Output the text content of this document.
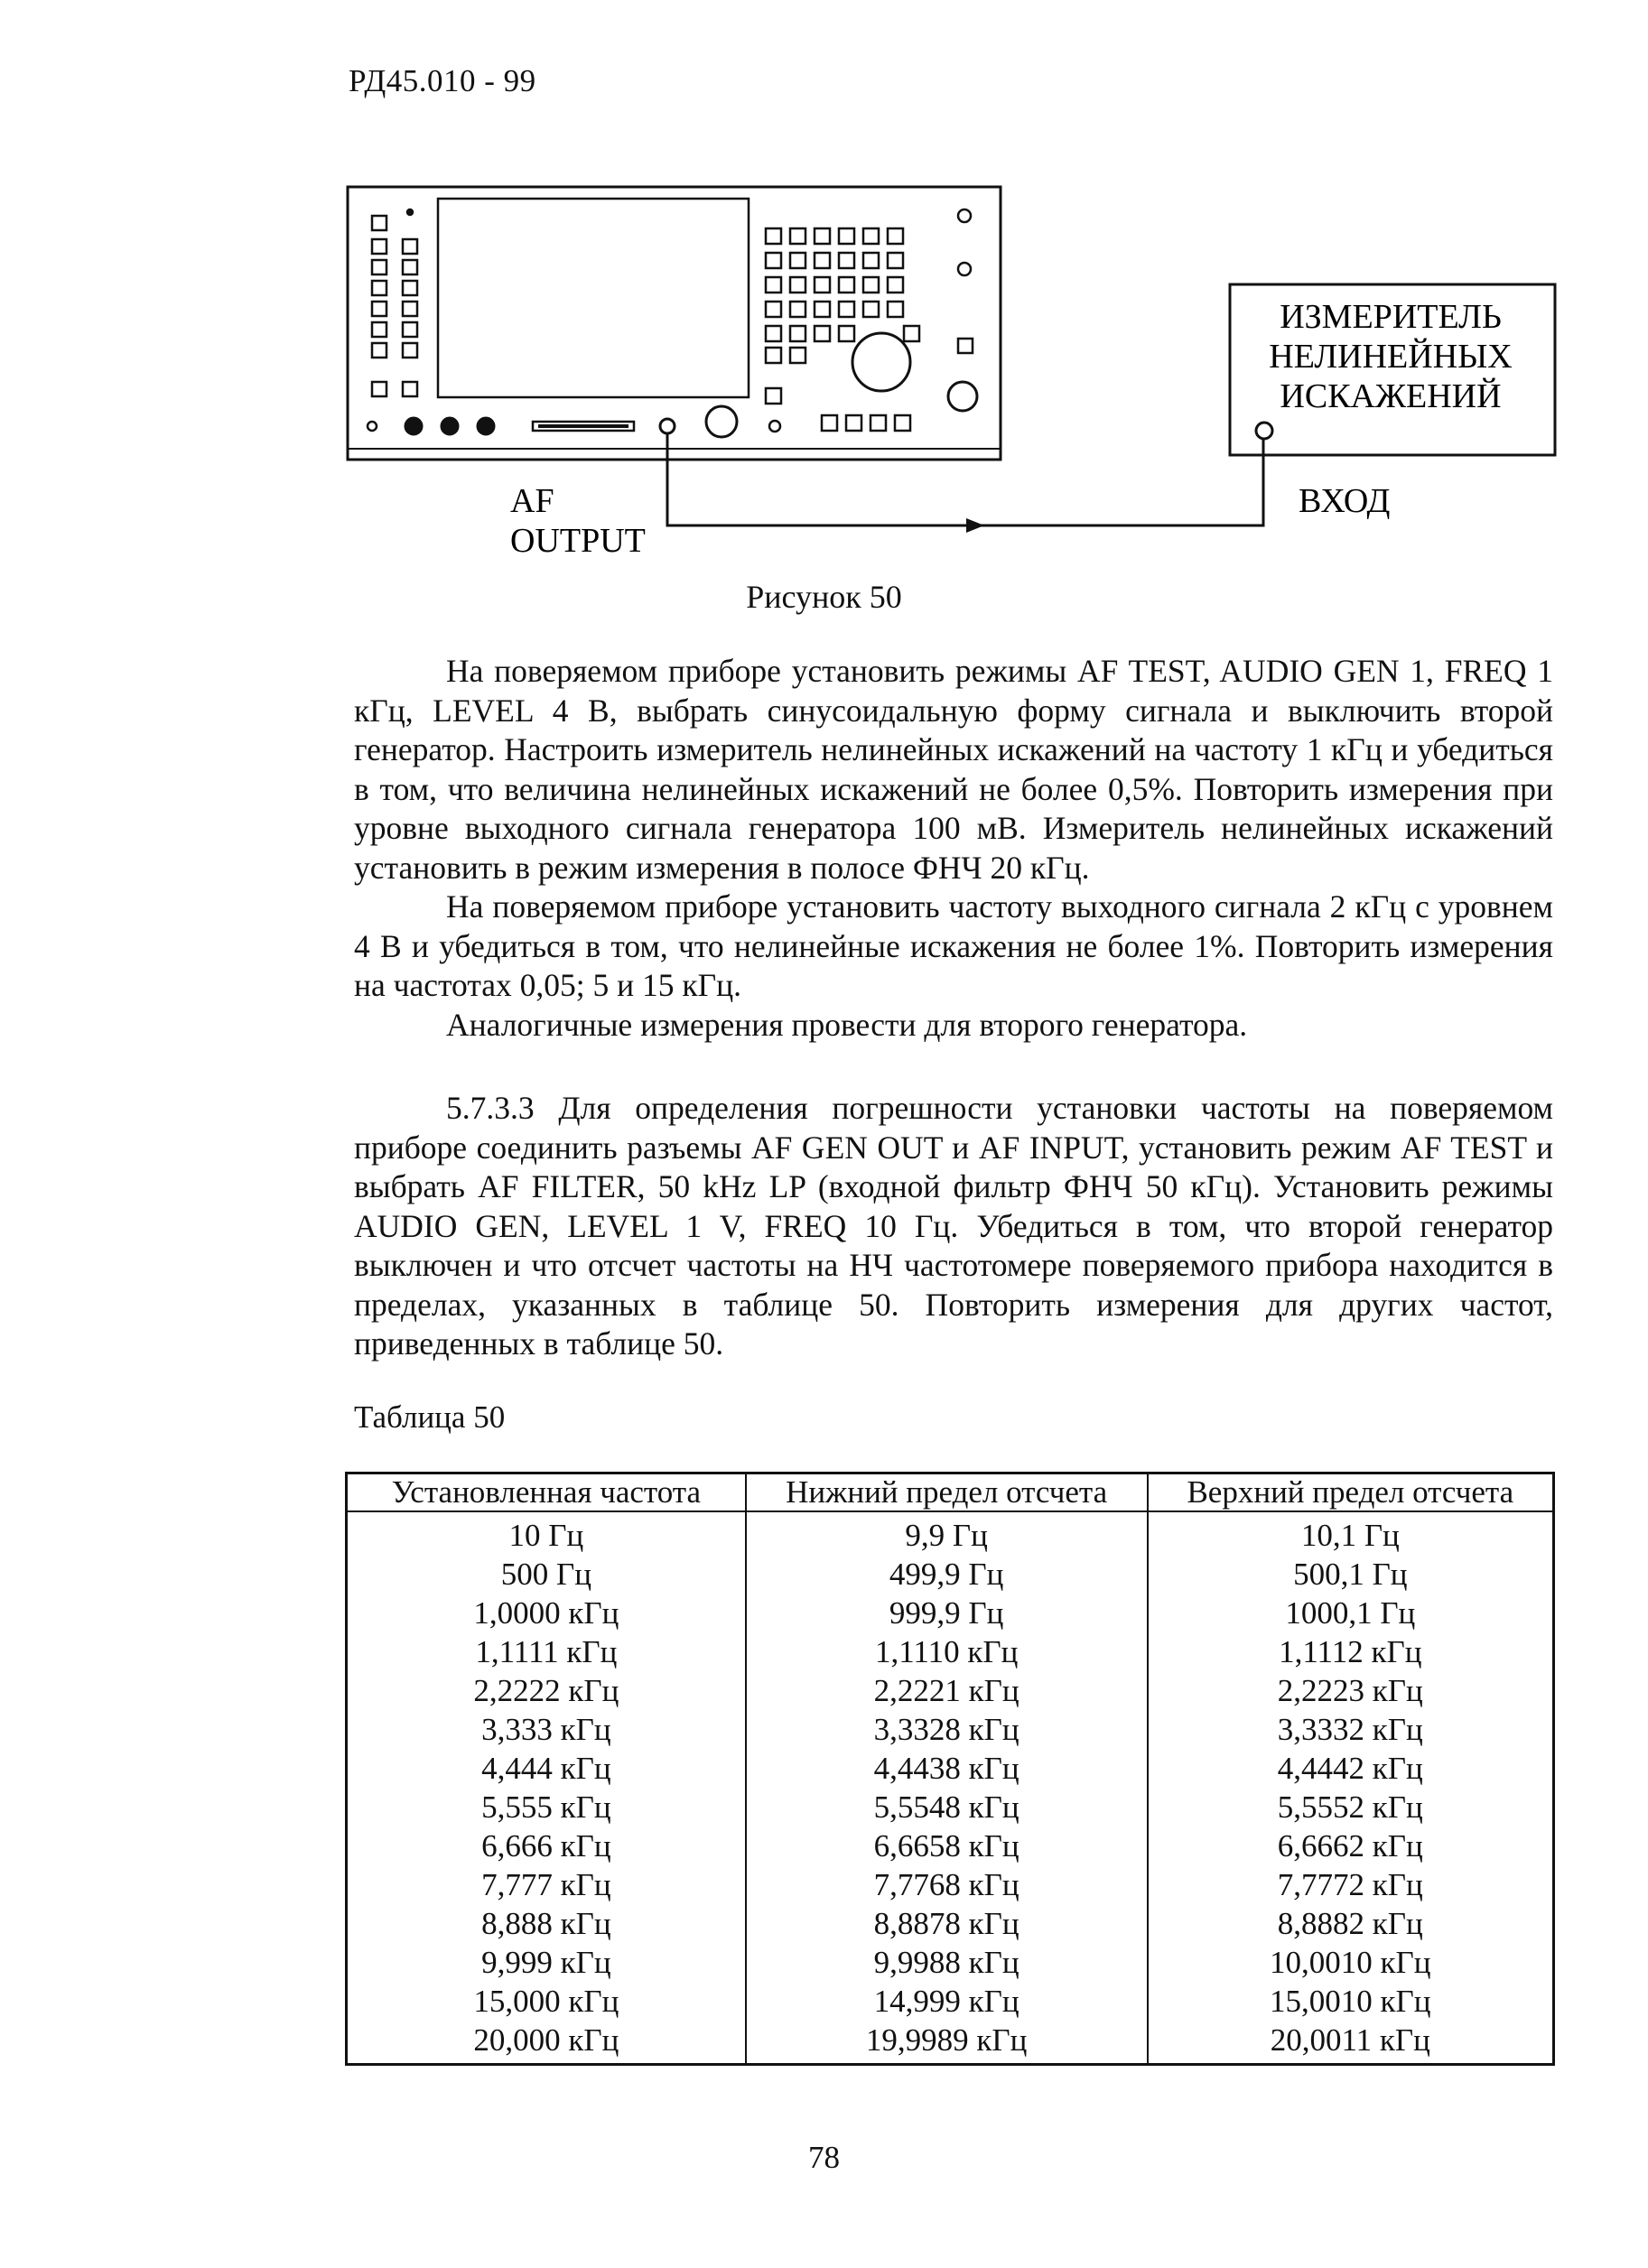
РД45.010 - 99
ИЗМЕРИТЕЛЬ
НЕЛИНЕЙНЫХ
ИСКАЖЕНИЙ
AF
OUTPUT
ВХОД
Рисунок 50

На поверяемом приборе установить режимы AF TEST, AUDIO GEN 1, FREQ 1 кГц, LEVEL 4 В, выбрать синусоидальную форму сигнала и выключить второй генератор. Настроить измеритель нелинейных искажений на частоту 1 кГц и убедиться в том, что величина нелинейных искажений не более 0,5%. Повторить измерения при уровне выходного сигнала генератора 100 мВ. Измеритель нелинейных искажений установить в режим измерения в полосе ФНЧ 20 кГц.

На поверяемом приборе установить частоту выходного сигнала 2 кГц с уровнем 4 В и убедиться в том, что нелинейные искажения не более 1%. Повторить измерения на частотах 0,05; 5 и 15 кГц.

Аналогичные измерения провести для второго генератора.

5.7.3.3 Для определения погрешности установки частоты на поверяемом приборе соединить разъемы AF GEN OUT и AF INPUT, установить режим AF TEST и выбрать AF FILTER, 50 kHz LP (входной фильтр ФНЧ 50 кГц). Установить режимы AUDIO GEN, LEVEL 1 V, FREQ 10 Гц. Убедиться в том, что второй генератор выключен и что отсчет частоты на НЧ частотомере поверяемого прибора находится в пределах, указанных в таблице 50. Повторить измерения для других частот, приведенных в таблице 50.

Таблица 50
Установленная частота	Нижний предел отсчета	Верхний предел отсчета
10 Гц	9,9 Гц	10,1 Гц
500 Гц	499,9 Гц	500,1 Гц
1,0000 кГц	999,9 Гц	1000,1 Гц
1,1111 кГц	1,1110 кГц	1,1112 кГц
2,2222 кГц	2,2221 кГц	2,2223 кГц
3,333 кГц	3,3328 кГц	3,3332 кГц
4,444 кГц	4,4438 кГц	4,4442 кГц
5,555 кГц	5,5548 кГц	5,5552 кГц
6,666 кГц	6,6658 кГц	6,6662 кГц
7,777 кГц	7,7768 кГц	7,7772 кГц
8,888 кГц	8,8878 кГц	8,8882 кГц
9,999 кГц	9,9988 кГц	10,0010 кГц
15,000 кГц	14,999 кГц	15,0010 кГц
20,000 кГц	19,9989 кГц	20,0011 кГц
78
